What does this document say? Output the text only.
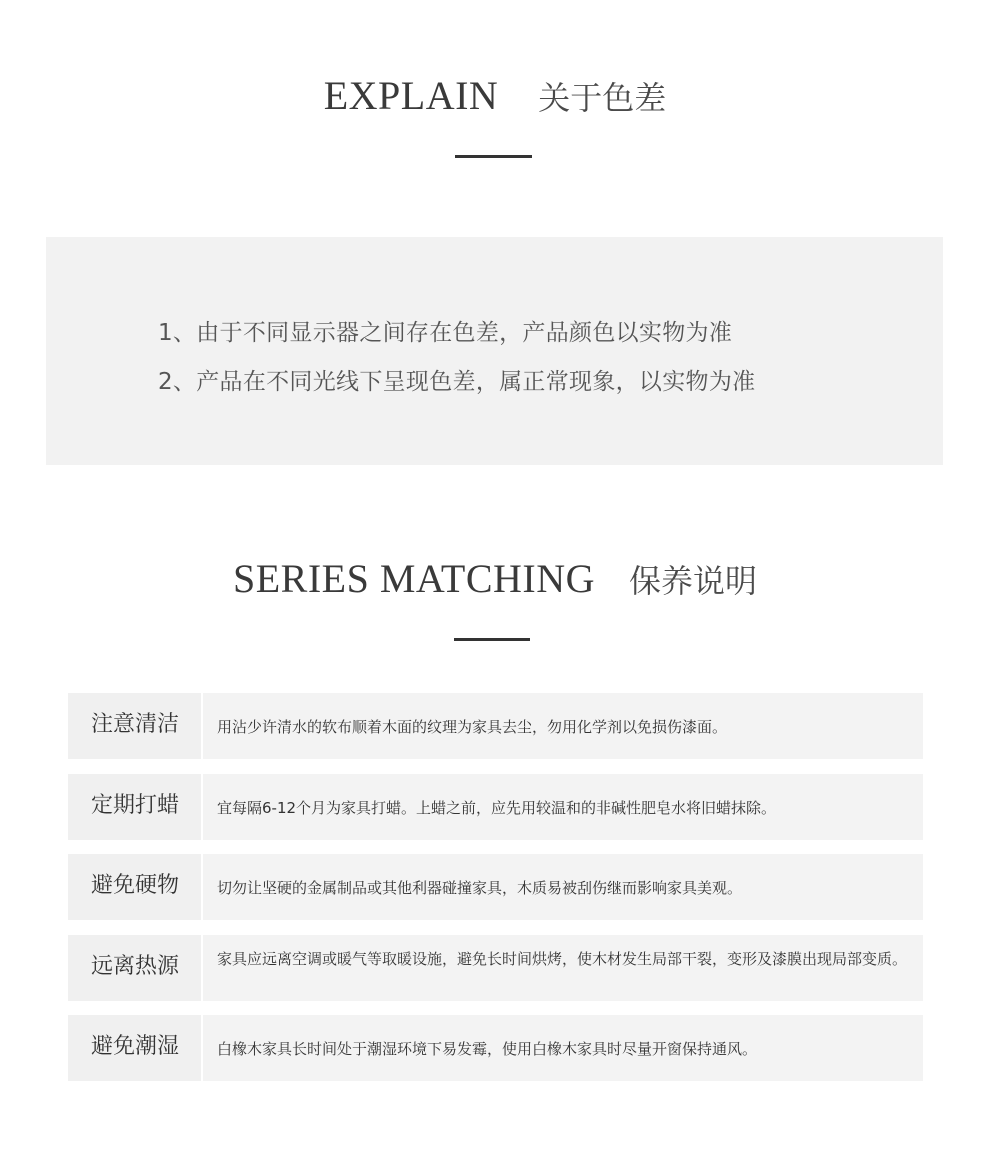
EXPLAIN 关于色差
1、由于不同显示器之间存在色差，产品颜色以实物为准
2、产品在不同光线下呈现色差，属正常现象，以实物为准
SERIES MATCHING 保养说明
注意清洁	用沾少许清水的软布顺着木面的纹理为家具去尘，勿用化学剂以免损伤漆面。
定期打蜡	宜每隔6-12个月为家具打蜡。上蜡之前，应先用较温和的非碱性肥皂水将旧蜡抹除。
避免硬物	切勿让坚硬的金属制品或其他利器碰撞家具，木质易被刮伤继而影响家具美观。
远离热源	家具应远离空调或暖气等取暖设施，避免长时间烘烤，使木材发生局部干裂，变形及漆膜出现局部变质。
避免潮湿	白橡木家具长时间处于潮湿环境下易发霉，使用白橡木家具时尽量开窗保持通风。
